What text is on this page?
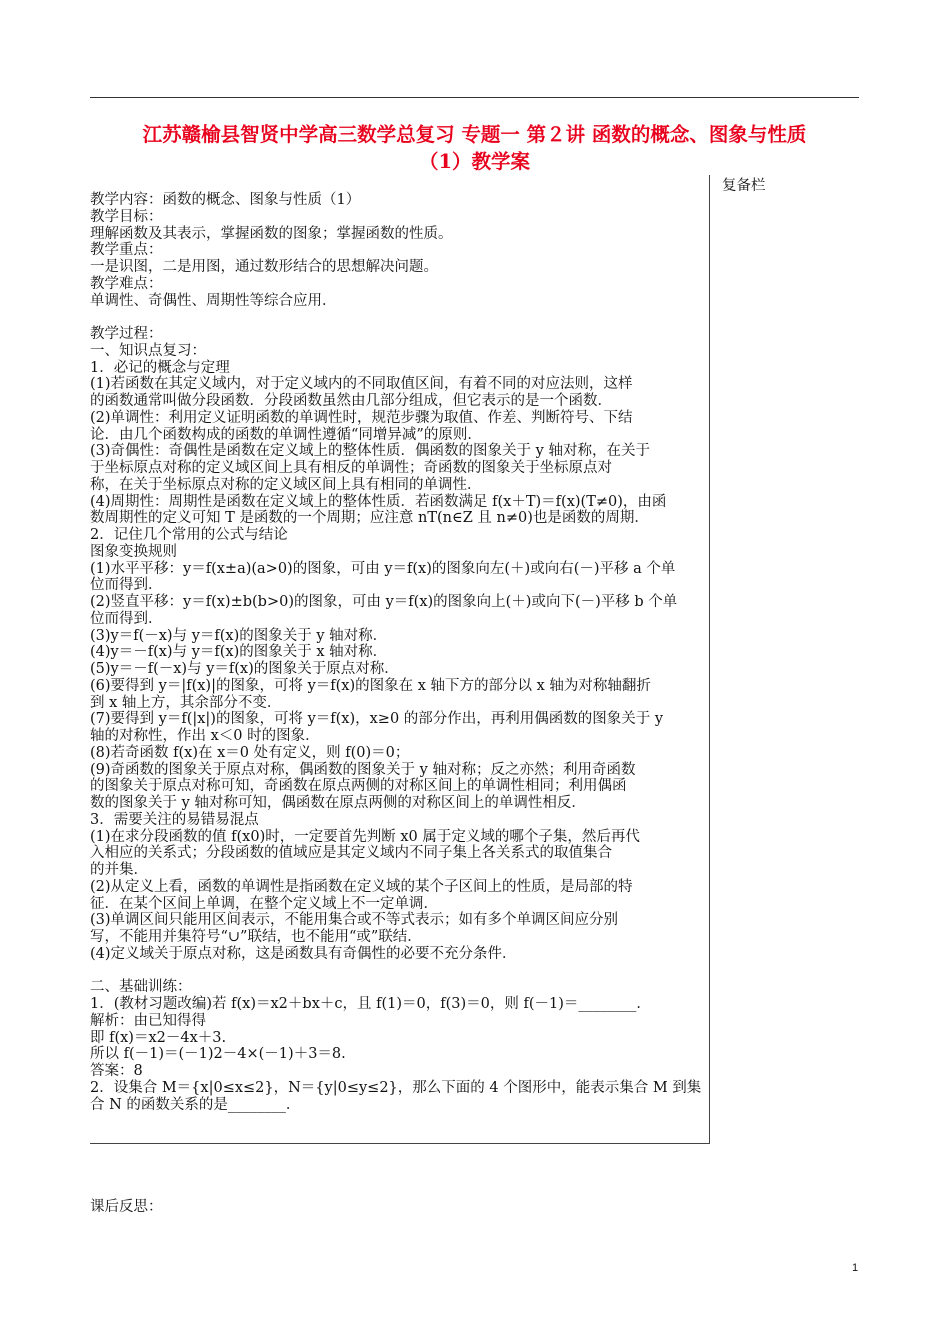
江苏赣榆县智贤中学高三数学总复习 专题一 第２讲 函数的概念、图象与性质
（1）教学案
复备栏
教学内容：函数的概念、图象与性质（1）
教学目标：
理解函数及其表示，掌握函数的图象；掌握函数的性质。
教学重点：
一是识图，二是用图，通过数形结合的思想解决问题。
教学难点：
单调性、奇偶性、周期性等综合应用．
教学过程：
一、知识点复习：
1．必记的概念与定理
(1)若函数在其定义域内，对于定义域内的不同取值区间，有着不同的对应法则，这样
的函数通常叫做分段函数．分段函数虽然由几部分组成，但它表示的是一个函数．
(2)单调性：利用定义证明函数的单调性时，规范步骤为取值、作差、判断符号、下结
论．由几个函数构成的函数的单调性遵循“同增异减”的原则．
(3)奇偶性：奇偶性是函数在定义域上的整体性质．偶函数的图象关于 y 轴对称，在关于
于坐标原点对称的定义域区间上具有相反的单调性；奇函数的图象关于坐标原点对
称，在关于坐标原点对称的定义域区间上具有相同的单调性．
(4)周期性：周期性是函数在定义域上的整体性质．若函数满足 f(x＋T)＝f(x)(T≠0)，由函
数周期性的定义可知 T 是函数的一个周期；应注意 nT(n∈Z 且 n≠0)也是函数的周期．
2．记住几个常用的公式与结论
图象变换规则
(1)水平平移：y＝f(x±a)(a>0)的图象，可由 y＝f(x)的图象向左(＋)或向右(－)平移 a 个单
位而得到．
(2)竖直平移：y＝f(x)±b(b>0)的图象，可由 y＝f(x)的图象向上(＋)或向下(－)平移 b 个单
位而得到．
(3)y＝f(－x)与 y＝f(x)的图象关于 y 轴对称．
(4)y＝－f(x)与 y＝f(x)的图象关于 x 轴对称．
(5)y＝－f(－x)与 y＝f(x)的图象关于原点对称．
(6)要得到 y＝|f(x)|的图象，可将 y＝f(x)的图象在 x 轴下方的部分以 x 轴为对称轴翻折
到 x 轴上方，其余部分不变．
(7)要得到 y＝f(|x|)的图象，可将 y＝f(x)，x≥0 的部分作出，再利用偶函数的图象关于 y
轴的对称性，作出 x＜0 时的图象．
(8)若奇函数 f(x)在 x＝0 处有定义，则 f(0)＝0；
(9)奇函数的图象关于原点对称，偶函数的图象关于 y 轴对称；反之亦然；利用奇函数
的图象关于原点对称可知，奇函数在原点两侧的对称区间上的单调性相同；利用偶函
数的图象关于 y 轴对称可知，偶函数在原点两侧的对称区间上的单调性相反．
3．需要关注的易错易混点
(1)在求分段函数的值 f(x0)时，一定要首先判断 x0 属于定义域的哪个子集，然后再代
入相应的关系式；分段函数的值域应是其定义域内不同子集上各关系式的取值集合
的并集．
(2)从定义上看，函数的单调性是指函数在定义域的某个子区间上的性质，是局部的特
征．在某个区间上单调，在整个定义域上不一定单调．
(3)单调区间只能用区间表示，不能用集合或不等式表示；如有多个单调区间应分别
写，不能用并集符号“∪”联结，也不能用“或”联结．
(4)定义域关于原点对称，这是函数具有奇偶性的必要不充分条件．
二、基础训练：
1．(教材习题改编)若 f(x)＝x2＋bx＋c，且 f(1)＝0，f(3)＝0，则 f(－1)＝________．
解析：由已知得得
即 f(x)＝x2－4x＋3.
所以 f(－1)＝(－1)2－4×(－1)＋3＝8.
答案：8
2．设集合 M＝{x|0≤x≤2}，N＝{y|0≤y≤2}，那么下面的 4 个图形中，能表示集合 M 到集
合 N 的函数关系的是________．
课后反思：
1
